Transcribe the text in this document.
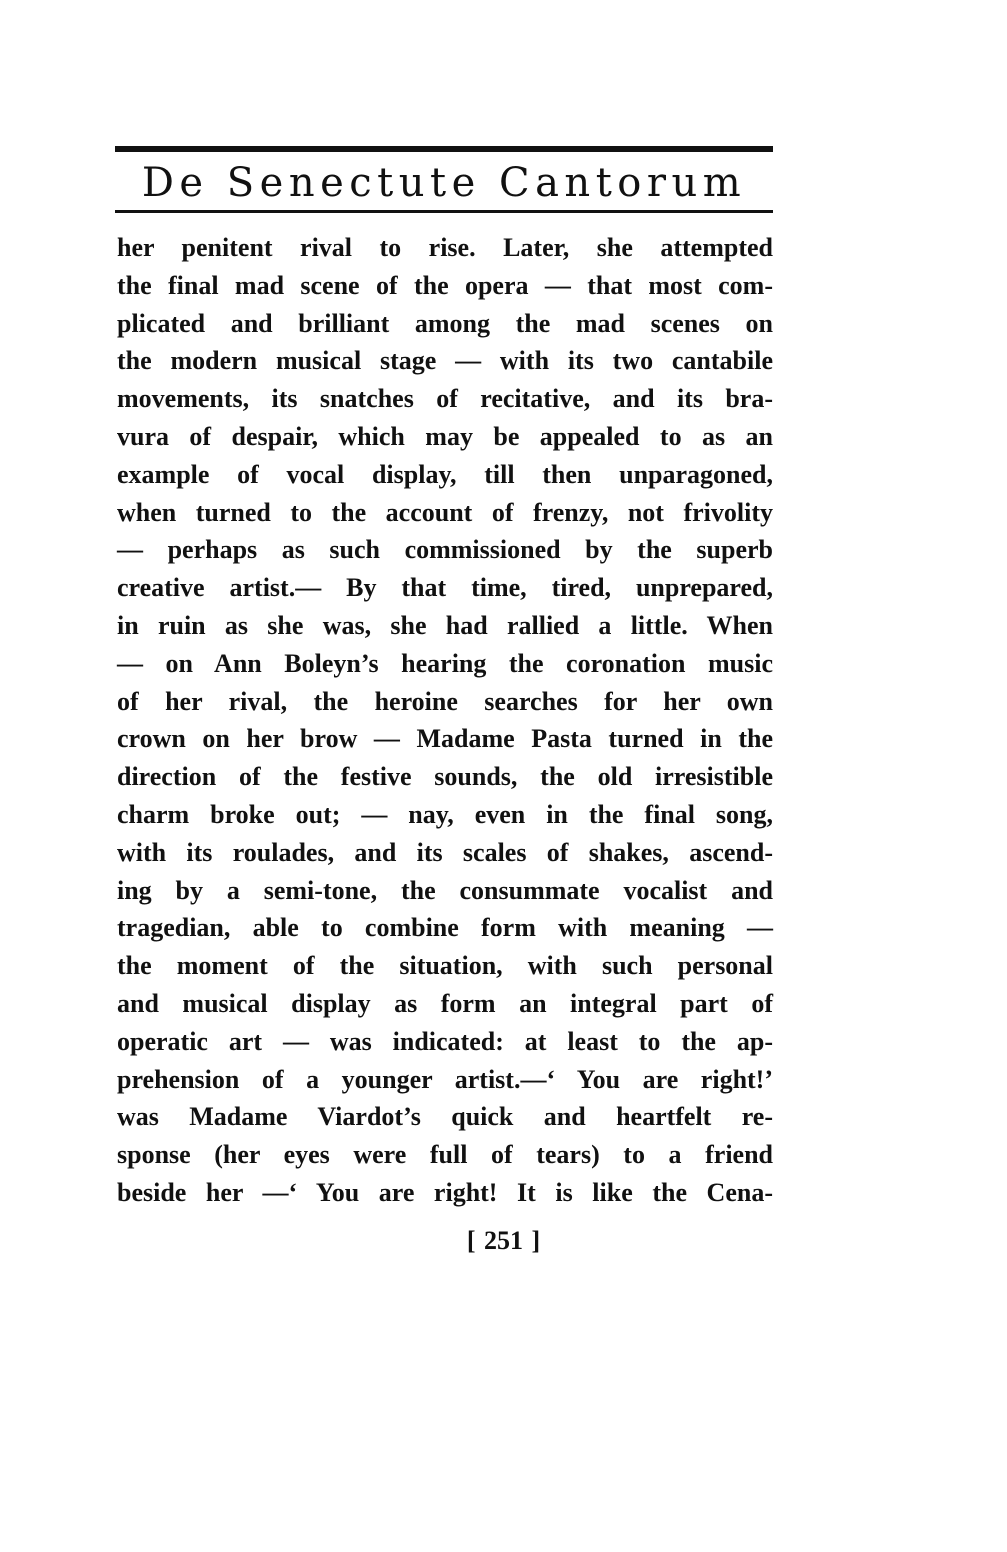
De Senectute Cantorum
her penitent rival to rise. Later, she attempted
the final mad scene of the opera — that most com-
plicated and brilliant among the mad scenes on
the modern musical stage — with its two cantabile
movements, its snatches of recitative, and its bra-
vura of despair, which may be appealed to as an
example of vocal display, till then unparagoned,
when turned to the account of frenzy, not frivolity
— perhaps as such commissioned by the superb
creative artist.— By that time, tired, unprepared,
in ruin as she was, she had rallied a little. When
— on Ann Boleyn’s hearing the coronation music
of her rival, the heroine searches for her own
crown on her brow — Madame Pasta turned in the
direction of the festive sounds, the old irresistible
charm broke out; — nay, even in the final song,
with its roulades, and its scales of shakes, ascend-
ing by a semi-tone, the consummate vocalist and
tragedian, able to combine form with meaning —
the moment of the situation, with such personal
and musical display as form an integral part of
operatic art — was indicated: at least to the ap-
prehension of a younger artist.—‘ You are right!’
was Madame Viardot’s quick and heartfelt re-
sponse (her eyes were full of tears) to a friend
beside her —‘ You are right! It is like the Cena-
[ 251 ]
